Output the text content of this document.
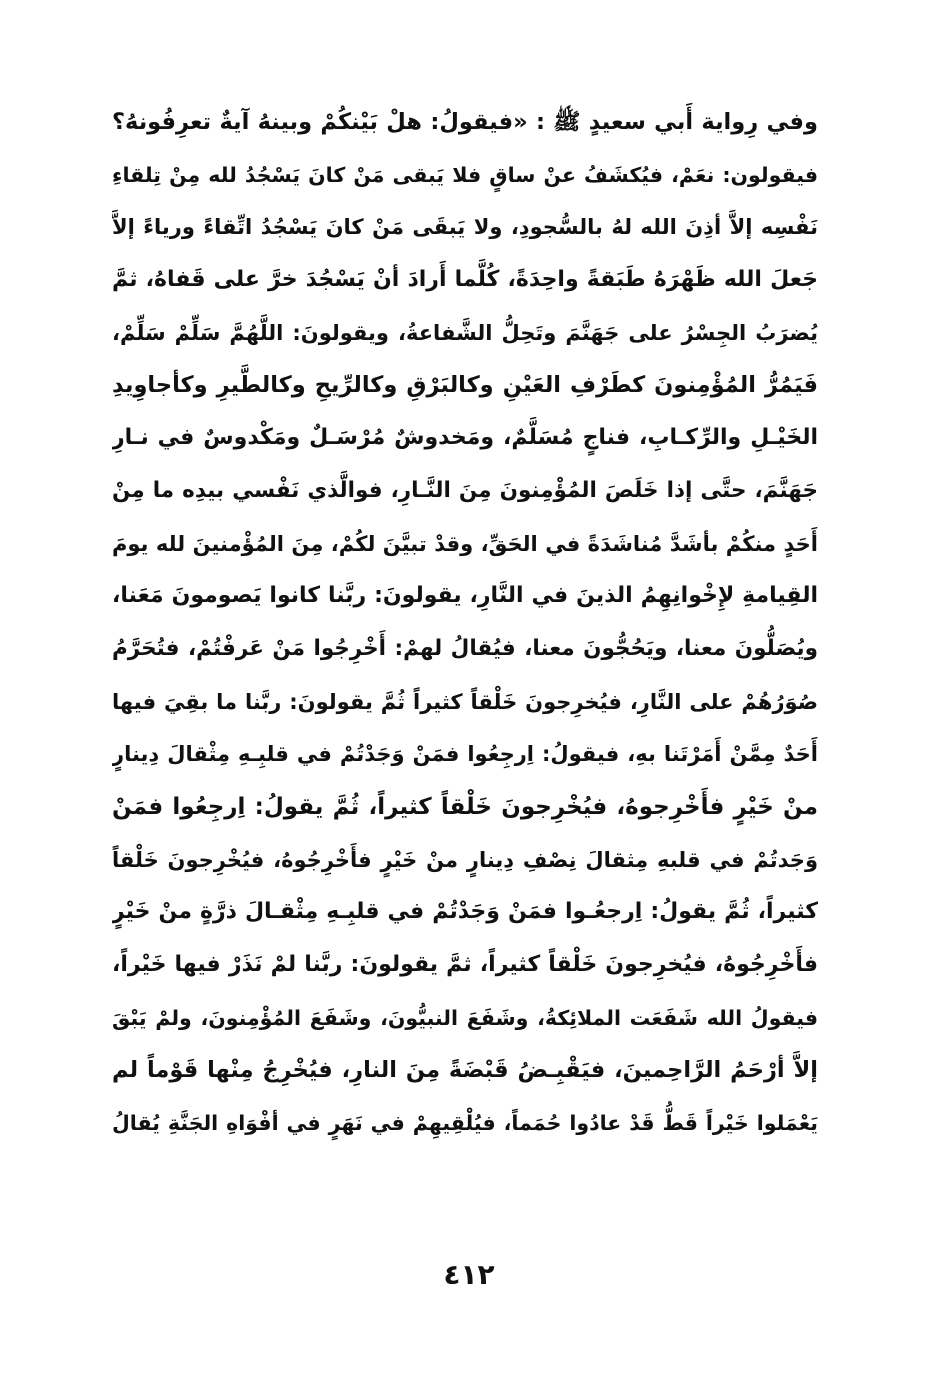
وفي رِواية أَبي سعيدٍ ﷺ : «فيقولُ: هلْ بَيْنكُمْ وبينهُ آيةٌ تعرِفُونهُ؟
فيقولون: نعَمْ، فيُكشَفُ عنْ ساقٍ فلا يَبقى مَنْ كانَ يَسْجُدُ لله مِنْ تِلقاءِ
نَفْسِه إلاَّ أذِنَ الله لهُ بالسُّجودِ، ولا يَبقَى مَنْ كانَ يَسْجُدُ اتِّقاءً ورياءً إلاَّ
جَعلَ الله ظَهْرَهُ طَبَقةً واحِدَةً، كُلَّما أَرادَ أنْ يَسْجُدَ خرَّ على قَفاهُ، ثمَّ
يُضرَبُ الجِسْرُ على جَهَنَّمَ وتَحِلُّ الشَّفاعةُ، ويقولونَ: اللَّهُمَّ سَلِّمْ سَلِّمْ،
فَيَمُرُّ المُؤْمِنونَ كطَرْفِ العَيْنِ وكالبَرْقِ وكالرِّيحِ وكالطَّيرِ وكأجاوِيدِ
الخَيْـلِ والرِّكـابِ، فناجٍ مُسَلَّمٌ، ومَخدوشٌ مُرْسَـلٌ ومَكْدوسٌ في نـارِ
جَهَنَّمَ، حتَّى إذا خَلَصَ المُؤْمِنونَ مِنَ النَّـارِ، فوالَّذي نَفْسي بيدِه ما مِنْ
أَحَدٍ منكُمْ بأشَدَّ مُناشَدَةً في الحَقِّ، وقدْ تبيَّنَ لكُمْ، مِنَ المُؤْمنينَ لله يومَ
القِيامةِ لإِخْوانِهِمُ الذينَ في النَّارِ، يقولونَ: ربَّنا كانوا يَصومونَ مَعَنا،
ويُصَلُّونَ معنا، ويَحُجُّونَ معنا، فيُقالُ لهمْ: أَخْرِجُوا مَنْ عَرفْتُمْ، فتُحَرَّمُ
صُوَرُهُمْ على النَّارِ، فيُخرِجونَ خَلْقاً كثيراً ثُمَّ يقولونَ: ربَّنا ما بقِيَ فيها
أَحَدٌ مِمَّنْ أَمَرْتَنا بهِ، فيقولُ: اِرجِعُوا فمَنْ وَجَدْتُمْ في قلبِـهِ مِثْقالَ دِينارٍ
منْ خَيْرٍ فأَخْرِجوهُ، فيُخْرِجونَ خَلْقاً كثيراً، ثُمَّ يقولُ: اِرجِعُوا فمَنْ
وَجَدتُمْ في قلبهِ مِثقالَ نِصْفِ دِينارٍ منْ خَيْرٍ فأَخْرِجُوهُ، فيُخْرِجونَ خَلْقاً
كثيراً، ثُمَّ يقولُ: اِرجعُـوا فمَنْ وَجَدْتُمْ في قلبِـهِ مِثْقـالَ ذرَّةٍ منْ خَيْرٍ
فأَخْرِجُوهُ، فيُخرِجونَ خَلْقاً كثيراً، ثمَّ يقولونَ: ربَّنا لمْ نَذَرْ فيها خَيْراً،
فيقولُ الله شَفَعَت الملائِكةُ، وشَفَعَ النبيُّونَ، وشَفَعَ المُؤْمِنونَ، ولمْ يَبْقَ
إلاَّ أرْحَمُ الرَّاحِمينَ، فيَقْبِـضُ قَبْضَةً مِنَ النارِ، فيُخْرِجُ مِنْها قَوْماً لم
يَعْمَلوا خَيْراً قَطُّ قَدْ عادُوا حُمَماً، فيُلْقِيهِمْ في نَهَرٍ في أفْوَاهِ الجَنَّةِ يُقالُ
٤١٢
